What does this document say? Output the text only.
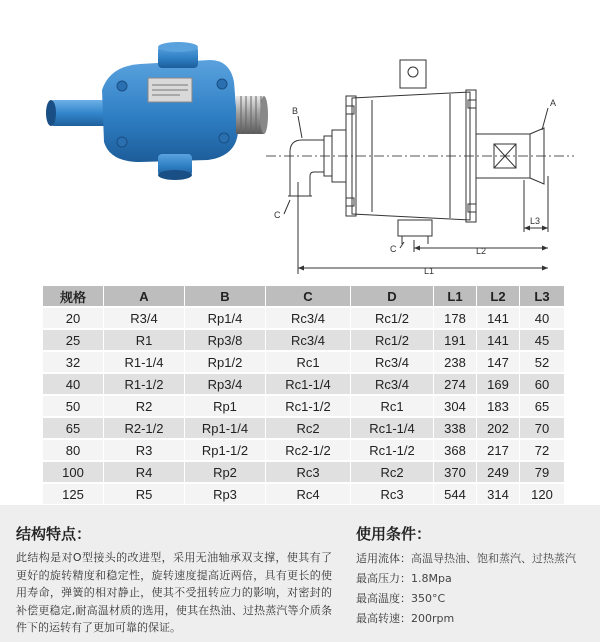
A
B
C
C
L1
L2
L3
规格	A	B	C	D	L1	L2	L3
20	R3/4	Rp1/4	Rc3/4	Rc1/2	178	141	40
25	R1	Rp3/8	Rc3/4	Rc1/2	191	141	45
32	R1-1/4	Rp1/2	Rc1	Rc3/4	238	147	52
40	R1-1/2	Rp3/4	Rc1-1/4	Rc3/4	274	169	60
50	R2	Rp1	Rc1-1/2	Rc1	304	183	65
65	R2-1/2	Rp1-1/4	Rc2	Rc1-1/4	338	202	70
80	R3	Rp1-1/2	Rc2-1/2	Rc1-1/2	368	217	72
100	R4	Rp2	Rc3	Rc2	370	249	79
125	R5	Rp3	Rc4	Rc3	544	314	120
结构特点：
此结构是对O型接头的改进型，采用无油轴承双支撑，使其有了更好的旋转精度和稳定性，旋转速度提高近两倍，具有更长的使用寿命，弹簧的相对静止，使其不受扭转应力的影响，对密封的补偿更稳定,耐高温材质的选用，使其在热油、过热蒸汽等介质条件下的运转有了更加可靠的保证。
使用条件：
适用流体：高温导热油、饱和蒸汽、过热蒸汽
最高压力：1.8Mpa
最高温度：350°C
最高转速：200rpm
